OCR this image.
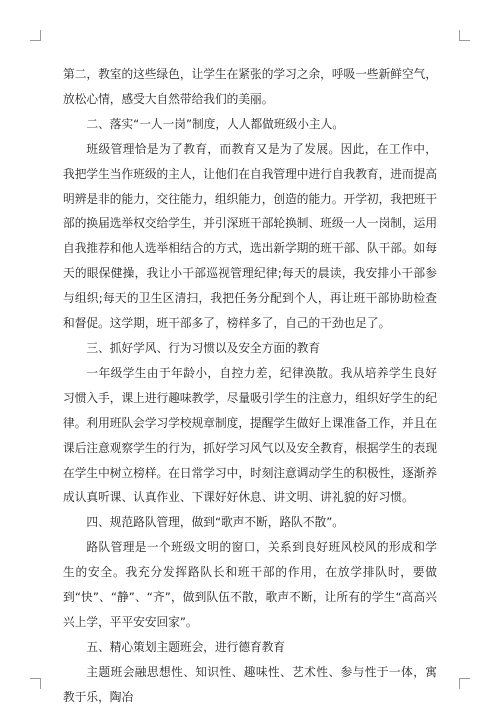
第二，教室的这些绿色，让学生在紧张的学习之余，呼吸一些新鲜空气，放松心情，感受大自然带给我们的美丽。

二、落实“一人一岗”制度，人人都做班级小主人。

班级管理恰是为了教育，而教育又是为了发展。因此，在工作中，我把学生当作班级的主人，让他们在自我管理中进行自我教育，进而提高明辨是非的能力，交往能力，组织能力，创造的能力。开学初，我把班干部的换届选举权交给学生，并引深班干部轮换制、班级一人一岗制，运用自我推荐和他人选举相结合的方式，选出新学期的班干部、队干部。如每天的眼保健操，我让小干部巡视管理纪律;每天的晨读，我安排小干部参与组织;每天的卫生区清扫，我把任务分配到个人，再让班干部协助检查和督促。这学期，班干部多了，榜样多了，自己的干劲也足了。

三、抓好学风、行为习惯以及安全方面的教育

一年级学生由于年龄小，自控力差，纪律涣散。我从培养学生良好习惯入手，课上进行趣味教学，尽量吸引学生的注意力，组织好学生的纪律。利用班队会学习学校规章制度，提醒学生做好上课准备工作，并且在课后注意观察学生的行为，抓好学习风气以及安全教育，根据学生的表现在学生中树立榜样。在日常学习中，时刻注意调动学生的积极性，逐渐养成认真听课、认真作业、下课好好休息、讲文明、讲礼貌的好习惯。

四、规范路队管理，做到“歌声不断，路队不散”。

路队管理是一个班级文明的窗口，关系到良好班风校风的形成和学生的安全。我充分发挥路队长和班干部的作用，在放学排队时，要做到“快”、“静”、“齐”，做到队伍不散，歌声不断，让所有的学生“高高兴兴上学，平平安安回家”。

五、精心策划主题班会，进行德育教育

主题班会融思想性、知识性、趣味性、艺术性、参与性于一体，寓教于乐，陶冶
